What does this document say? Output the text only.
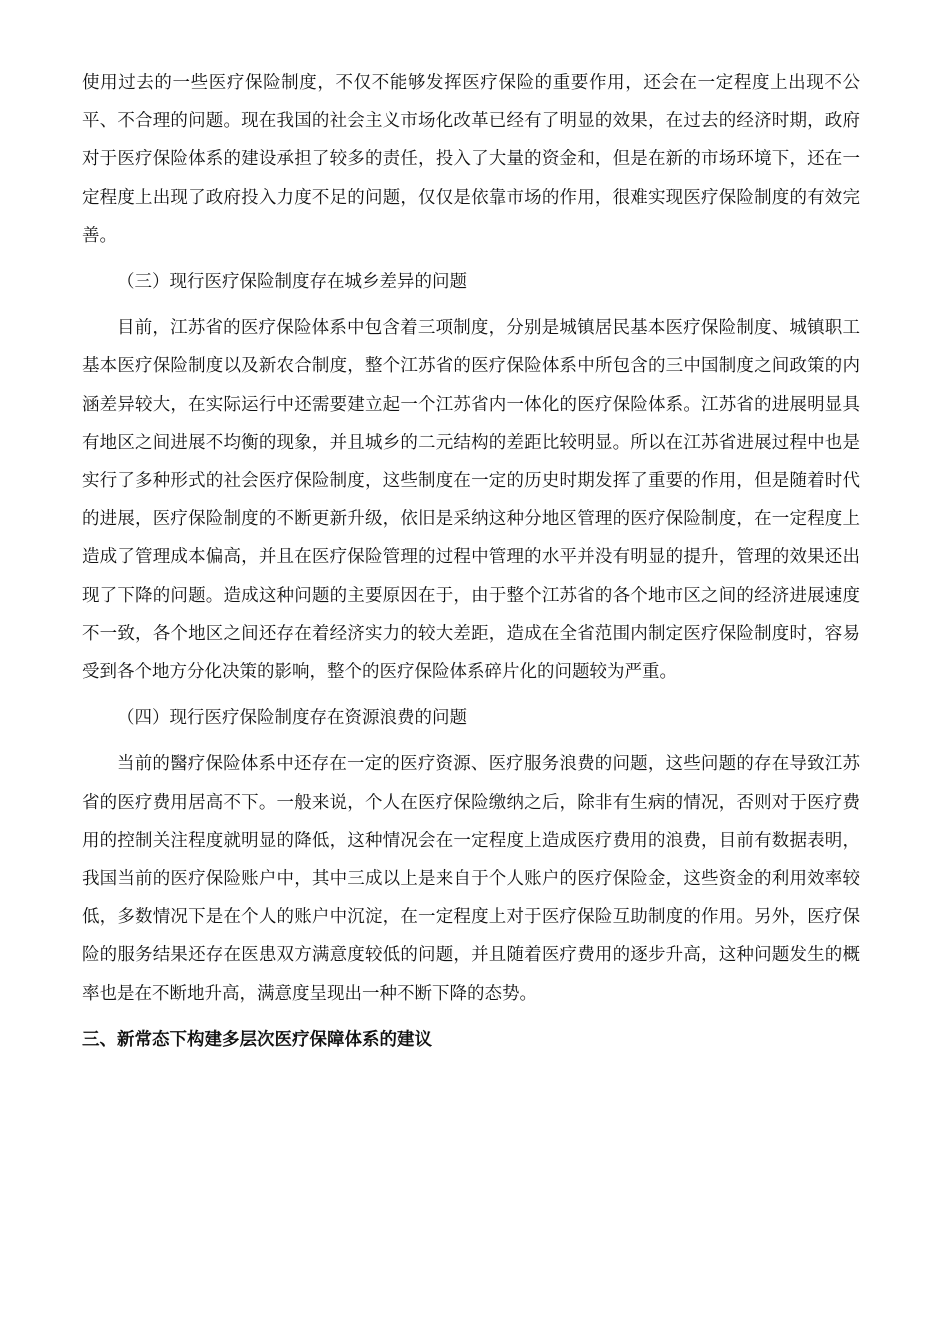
使用过去的一些医疗保险制度，不仅不能够发挥医疗保险的重要作用，还会在一定程度上出现不公平、不合理的问题。现在我国的社会主义市场化改革已经有了明显的效果，在过去的经济时期，政府对于医疗保险体系的建设承担了较多的责任，投入了大量的资金和，但是在新的市场环境下，还在一定程度上出现了政府投入力度不足的问题，仅仅是依靠市场的作用，很难实现医疗保险制度的有效完善。

（三）现行医疗保险制度存在城乡差异的问题

目前，江苏省的医疗保险体系中包含着三项制度，分别是城镇居民基本医疗保险制度、城镇职工基本医疗保险制度以及新农合制度，整个江苏省的医疗保险体系中所包含的三中国制度之间政策的内涵差异较大，在实际运行中还需要建立起一个江苏省内一体化的医疗保险体系。江苏省的进展明显具有地区之间进展不均衡的现象，并且城乡的二元结构的差距比较明显。所以在江苏省进展过程中也是实行了多种形式的社会医疗保险制度，这些制度在一定的历史时期发挥了重要的作用，但是随着时代的进展，医疗保险制度的不断更新升级，依旧是采纳这种分地区管理的医疗保险制度，在一定程度上造成了管理成本偏高，并且在医疗保险管理的过程中管理的水平并没有明显的提升，管理的效果还出现了下降的问题。造成这种问题的主要原因在于，由于整个江苏省的各个地市区之间的经济进展速度不一致，各个地区之间还存在着经济实力的较大差距，造成在全省范围内制定医疗保险制度时，容易受到各个地方分化决策的影响，整个的医疗保险体系碎片化的问题较为严重。

（四）现行医疗保险制度存在资源浪费的问题

当前的醫疗保险体系中还存在一定的医疗资源、医疗服务浪费的问题，这些问题的存在导致江苏省的医疗费用居高不下。一般来说，个人在医疗保险缴纳之后，除非有生病的情况，否则对于医疗费用的控制关注程度就明显的降低，这种情况会在一定程度上造成医疗费用的浪费，目前有数据表明，我国当前的医疗保险账户中，其中三成以上是来自于个人账户的医疗保险金，这些资金的利用效率较低，多数情况下是在个人的账户中沉淀，在一定程度上对于医疗保险互助制度的作用。另外，医疗保险的服务结果还存在医患双方满意度较低的问题，并且随着医疗费用的逐步升高，这种问题发生的概率也是在不断地升高，满意度呈现出一种不断下降的态势。

三、新常态下构建多层次医疗保障体系的建议
